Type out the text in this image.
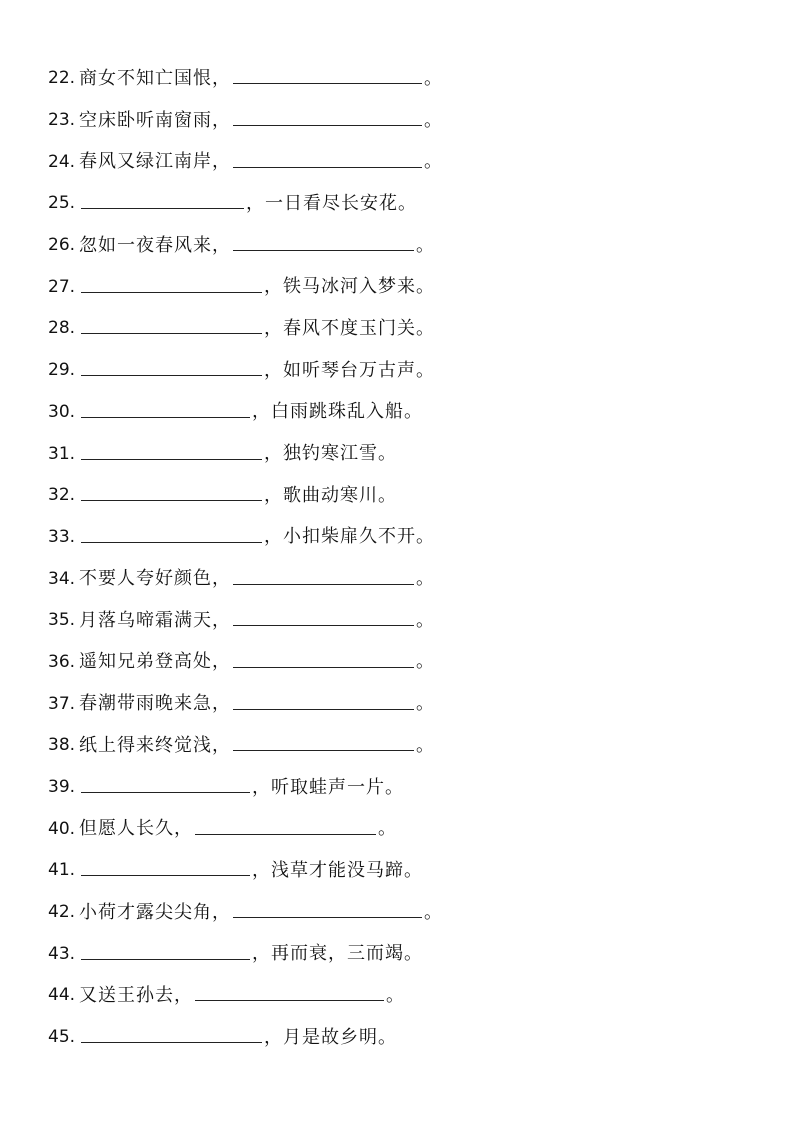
22. 商女不知亡国恨，	。
23. 空床卧听南窗雨，	。
24. 春风又绿江南岸，	。
25.	，一日看尽长安花。
26. 忽如一夜春风来，	。
27.	，铁马冰河入梦来。
28.	，春风不度玉门关。
29.	，如听琴台万古声。
30.	，白雨跳珠乱入船。
31.	，独钓寒江雪。
32.	，歌曲动寒川。
33.	，小扣柴扉久不开。
34. 不要人夸好颜色，	。
35. 月落乌啼霜满天，	。
36. 遥知兄弟登高处，	。
37. 春潮带雨晚来急，	。
38. 纸上得来终觉浅，	。
39.	，听取蛙声一片。
40. 但愿人长久，	。
41.	，浅草才能没马蹄。
42. 小荷才露尖尖角，	。
43.	，再而衰，三而竭。
44. 又送王孙去，	。
45.	，月是故乡明。
